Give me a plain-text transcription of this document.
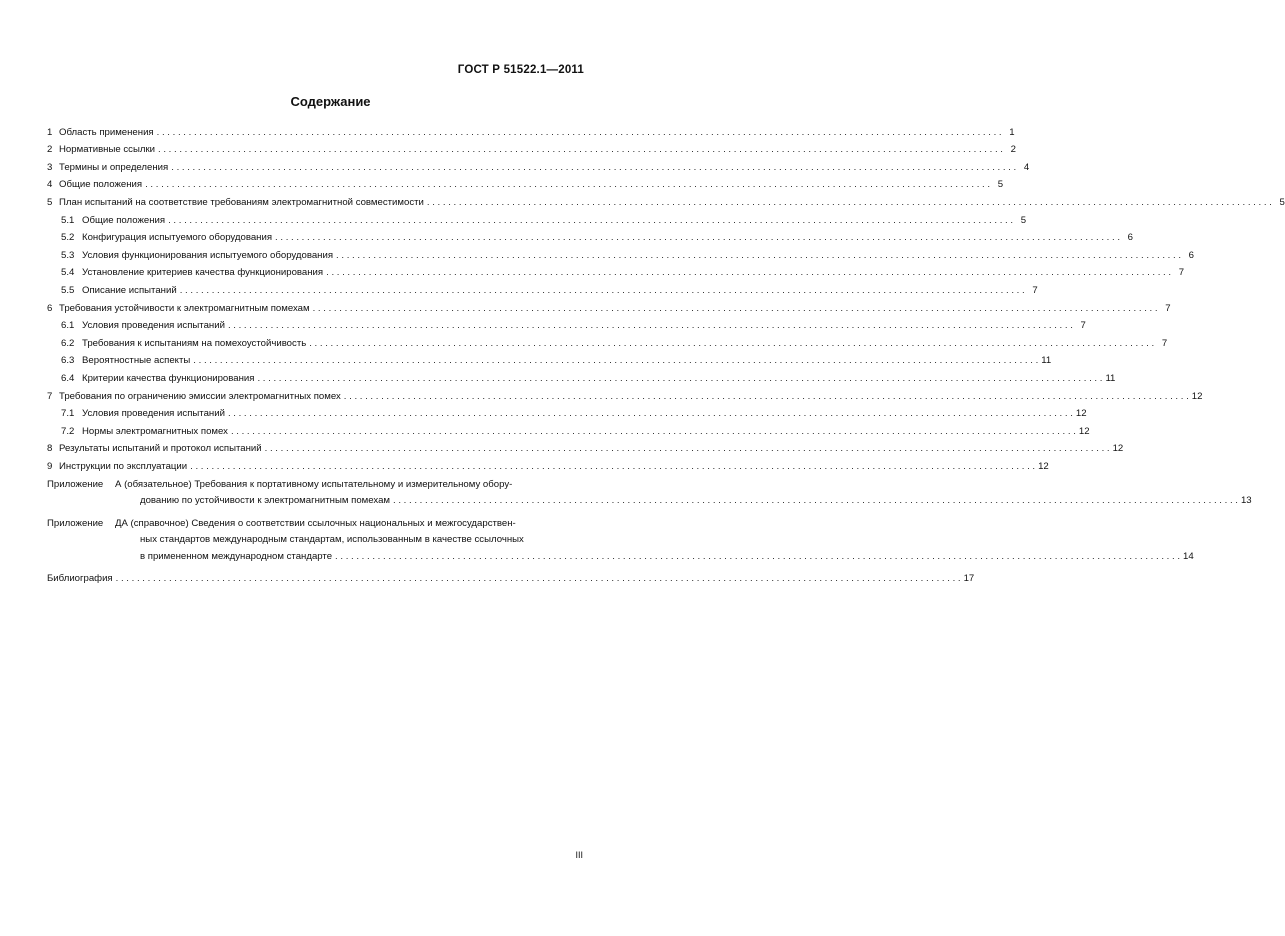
ГОСТ Р 51522.1—2011
Содержание
1 Область применения . . .	1
2 Нормативные ссылки . . .	2
3 Термины и определения . . .	4
4 Общие положения . . .	5
5 План испытаний на соответствие требованиям электромагнитной совместимости . . .	5
5.1 Общие положения . . .	5
5.2 Конфигурация испытуемого оборудования . . .	6
5.3 Условия функционирования испытуемого оборудования . . .	6
5.4 Установление критериев качества функционирования . . .	7
5.5 Описание испытаний . . .	7
6 Требования устойчивости к электромагнитным помехам . . .	7
6.1 Условия проведения испытаний . . .	7
6.2 Требования к испытаниям на помехоустойчивость . . .	7
6.3 Вероятностные аспекты . . .	11
6.4 Критерии качества функционирования . . .	11
7 Требования по ограничению эмиссии электромагнитных помех . . .	12
7.1 Условия проведения испытаний . . .	12
7.2 Нормы электромагнитных помех . . .	12
8 Результаты испытаний и протокол испытаний . . .	12
9 Инструкции по эксплуатации . . .	12
Приложение	А (обязательное) Требования к портативному испытательному и измерительному обору-
дованию по устойчивости к электромагнитным помехам . . .	13
Приложение	ДА (справочное) Сведения о соответствии ссылочных национальных и межгосударствен-
ных стандартов международным стандартам, использованным в качестве ссылочных
в примененном международном стандарте . . .	14
Библиография . . .	17
III
